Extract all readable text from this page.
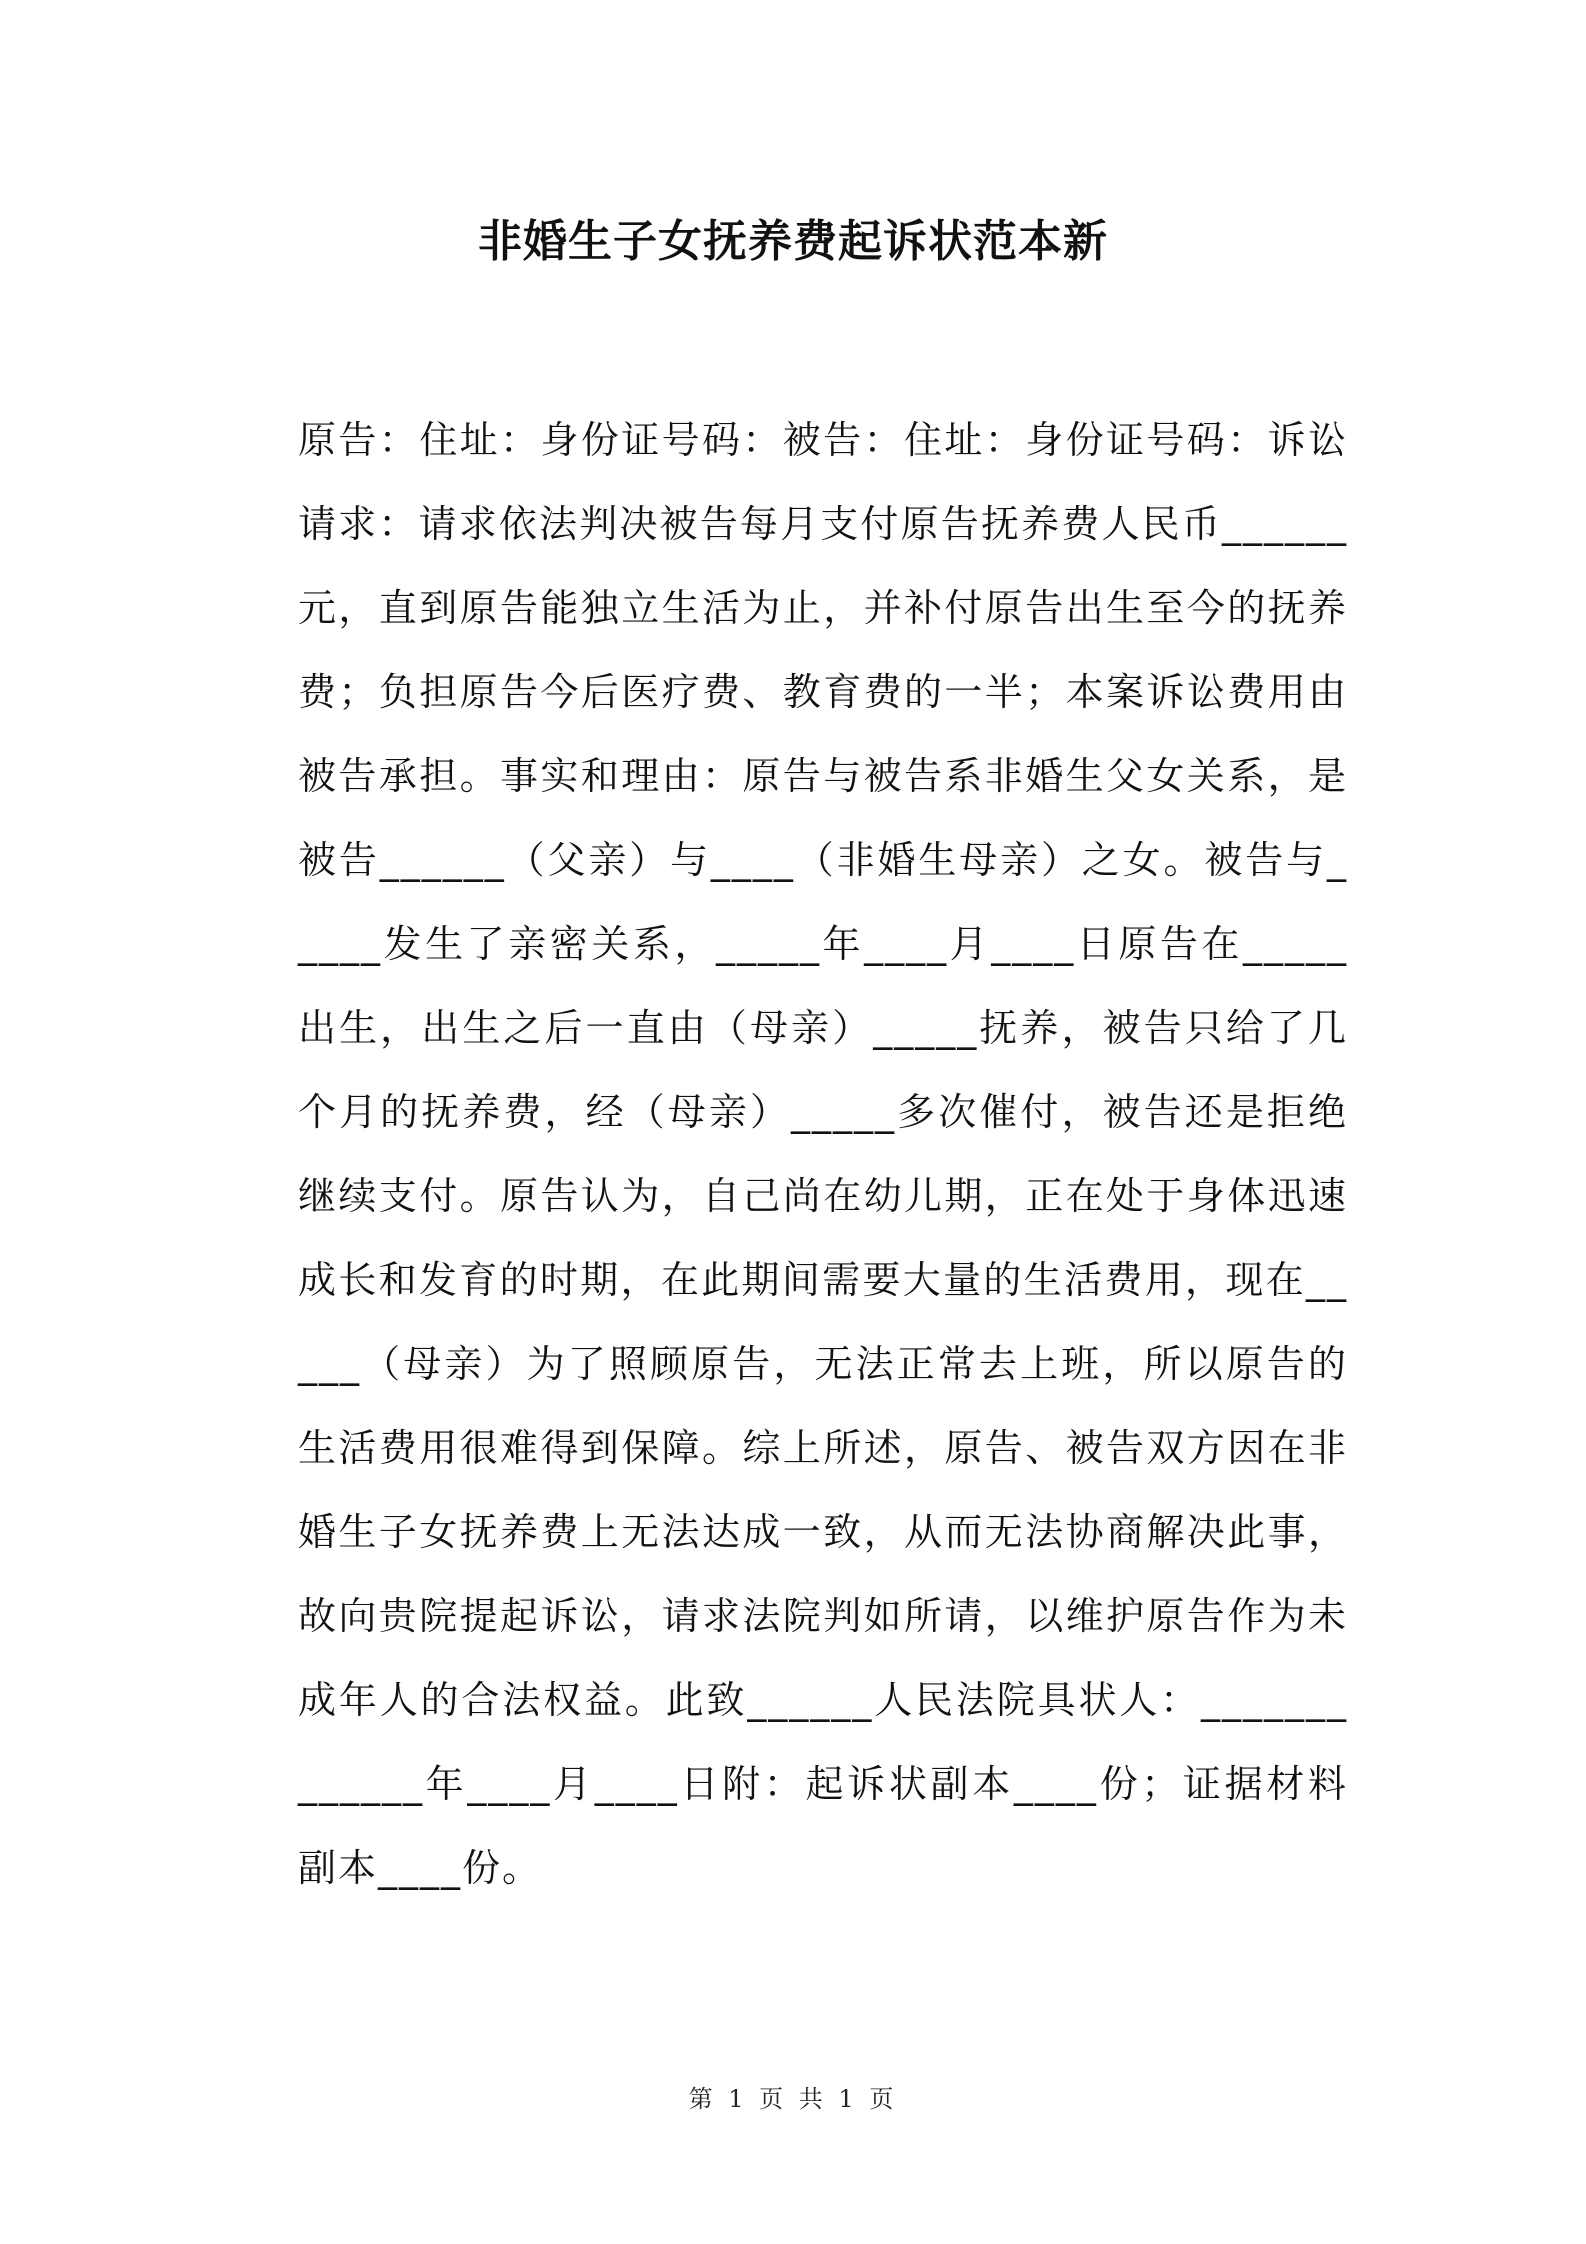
非婚生子女抚养费起诉状范本新

原告：住址：身份证号码：被告：住址：身份证号码：诉讼请求：请求依法判决被告每月支付原告抚养费人民币______元，直到原告能独立生活为止，并补付原告出生至今的抚养费；负担原告今后医疗费、教育费的一半；本案诉讼费用由被告承担。事实和理由：原告与被告系非婚生父女关系，是被告______（父亲）与____（非婚生母亲）之女。被告与_____发生了亲密关系，_____年____月____日原告在_____出生，出生之后一直由（母亲）_____抚养，被告只给了几个月的抚养费，经（母亲）_____多次催付，被告还是拒绝继续支付。原告认为，自己尚在幼儿期，正在处于身体迅速成长和发育的时期，在此期间需要大量的生活费用，现在_____（母亲）为了照顾原告，无法正常去上班，所以原告的生活费用很难得到保障。综上所述，原告、被告双方因在非婚生子女抚养费上无法达成一致，从而无法协商解决此事，故向贵院提起诉讼，请求法院判如所请，以维护原告作为未成年人的合法权益。此致______人民法院具状人：_____________年____月____日附：起诉状副本____份；证据材料副本____份。

第 1 页 共 1 页
